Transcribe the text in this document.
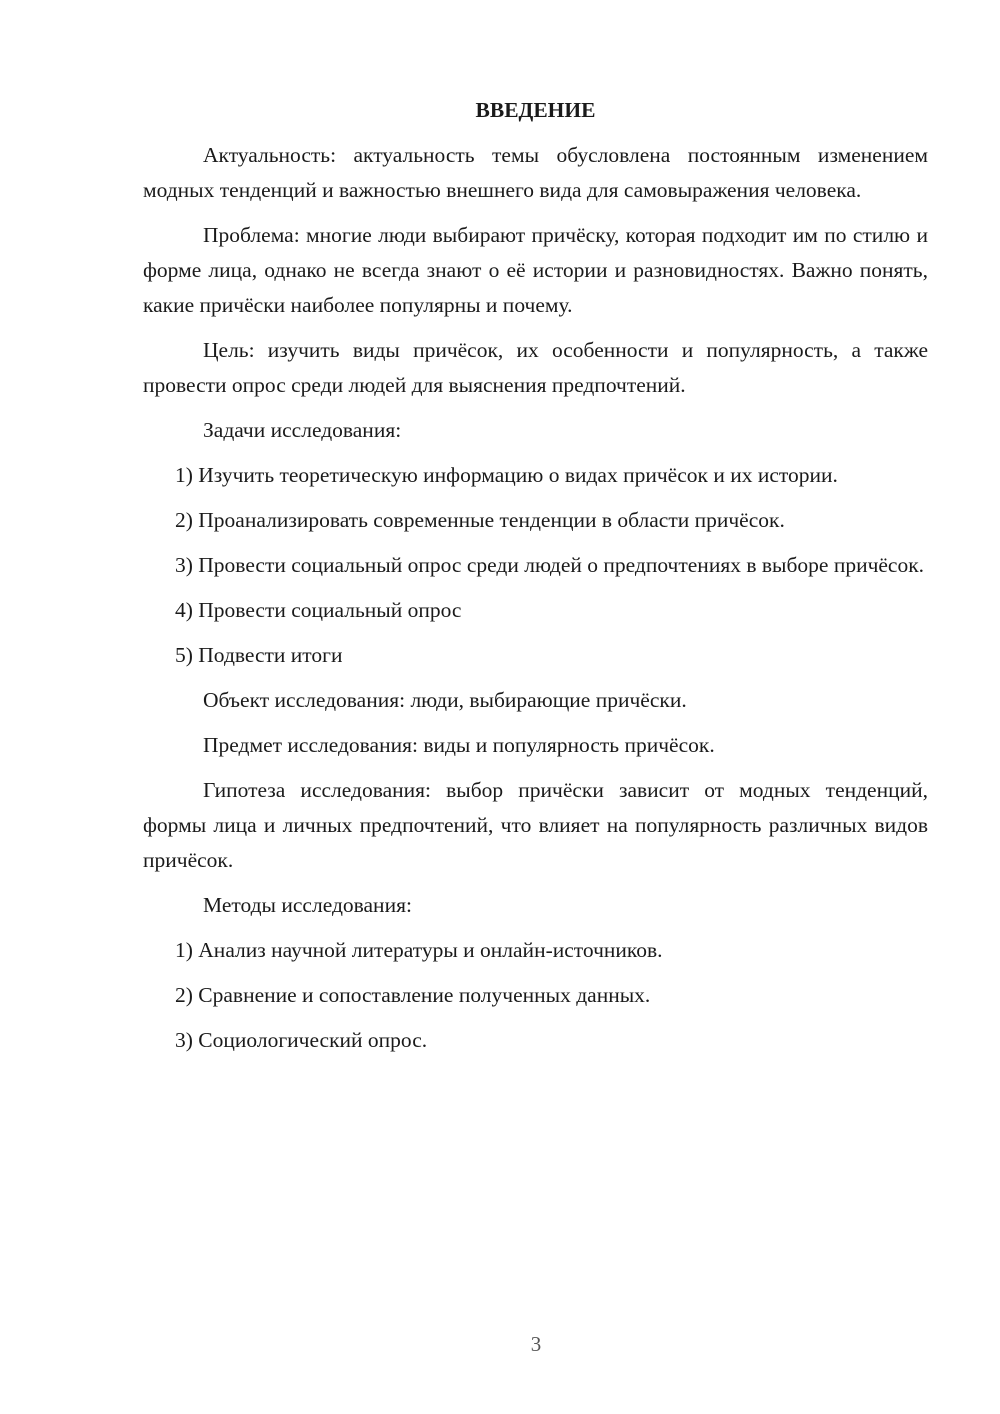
ВВЕДЕНИЕ

Актуальность: актуальность темы обусловлена постоянным изменением модных тенденций и важностью внешнего вида для самовыражения человека.

Проблема: многие люди выбирают причёску, которая подходит им по стилю и форме лица, однако не всегда знают о её истории и разновидностях. Важно понять, какие причёски наиболее популярны и почему.

Цель: изучить виды причёсок, их особенности и популярность, а также провести опрос среди людей для выяснения предпочтений.

Задачи исследования:

1) Изучить теоретическую информацию о видах причёсок и их истории.

2) Проанализировать современные тенденции в области причёсок.

3) Провести социальный опрос среди людей о предпочтениях в выборе причёсок.

4) Провести социальный опрос

5) Подвести итоги

Объект исследования: люди, выбирающие причёски.

Предмет исследования: виды и популярность причёсок.

Гипотеза исследования: выбор причёски зависит от модных тенденций, формы лица и личных предпочтений, что влияет на популярность различных видов причёсок.

Методы исследования:

1) Анализ научной литературы и онлайн-источников.

2) Сравнение и сопоставление полученных данных.

3) Социологический опрос.

3
